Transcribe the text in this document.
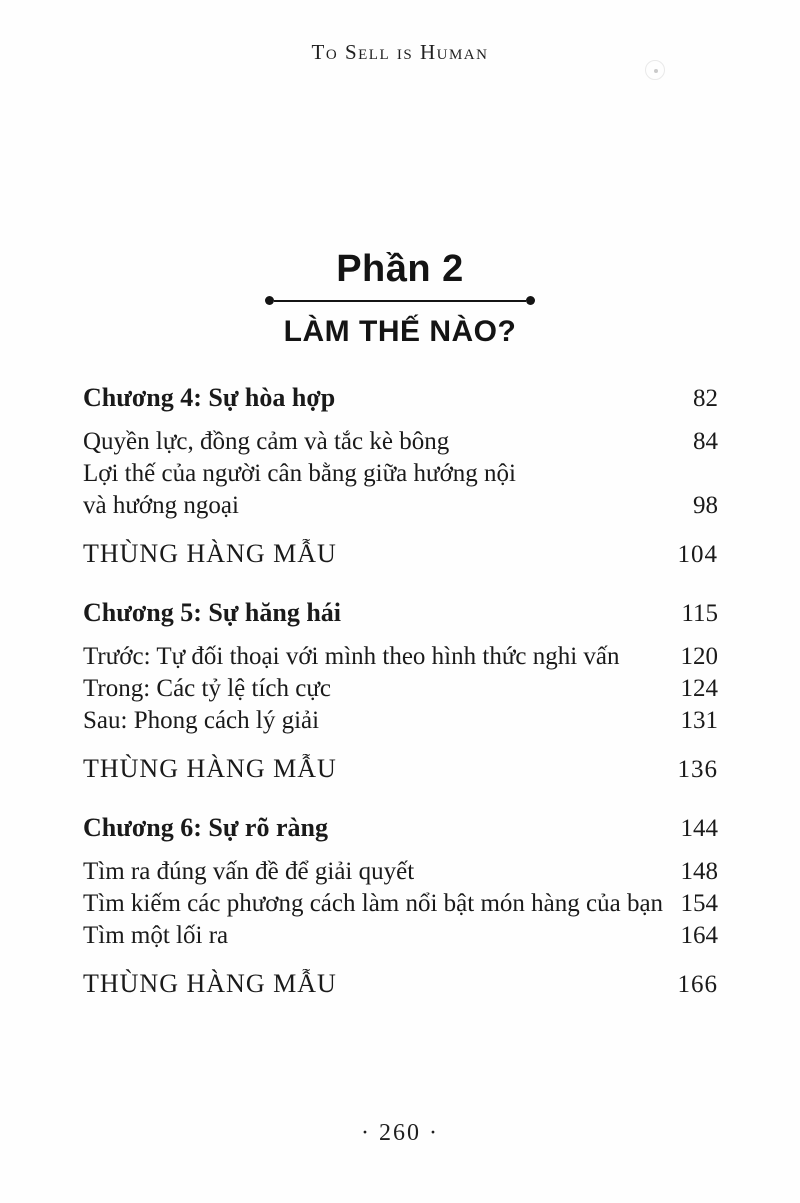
To Sell is Human
Phần 2
LÀM THẾ NÀO?
Chương 4: Sự hòa hợp	82
Quyền lực, đồng cảm và tắc kè bông	84
Lợi thế của người cân bằng giữa hướng nội
và hướng ngoại	98
THÙNG HÀNG MẪU	104
Chương 5: Sự hăng hái	115
Trước: Tự đối thoại với mình theo hình thức nghi vấn	120
Trong: Các tỷ lệ tích cực	124
Sau: Phong cách lý giải	131
THÙNG HÀNG MẪU	136
Chương 6: Sự rõ ràng	144
Tìm ra đúng vấn đề để giải quyết	148
Tìm kiếm các phương cách làm nổi bật món hàng của bạn 154
Tìm một lối ra	164
THÙNG HÀNG MẪU	166
· 260 ·
